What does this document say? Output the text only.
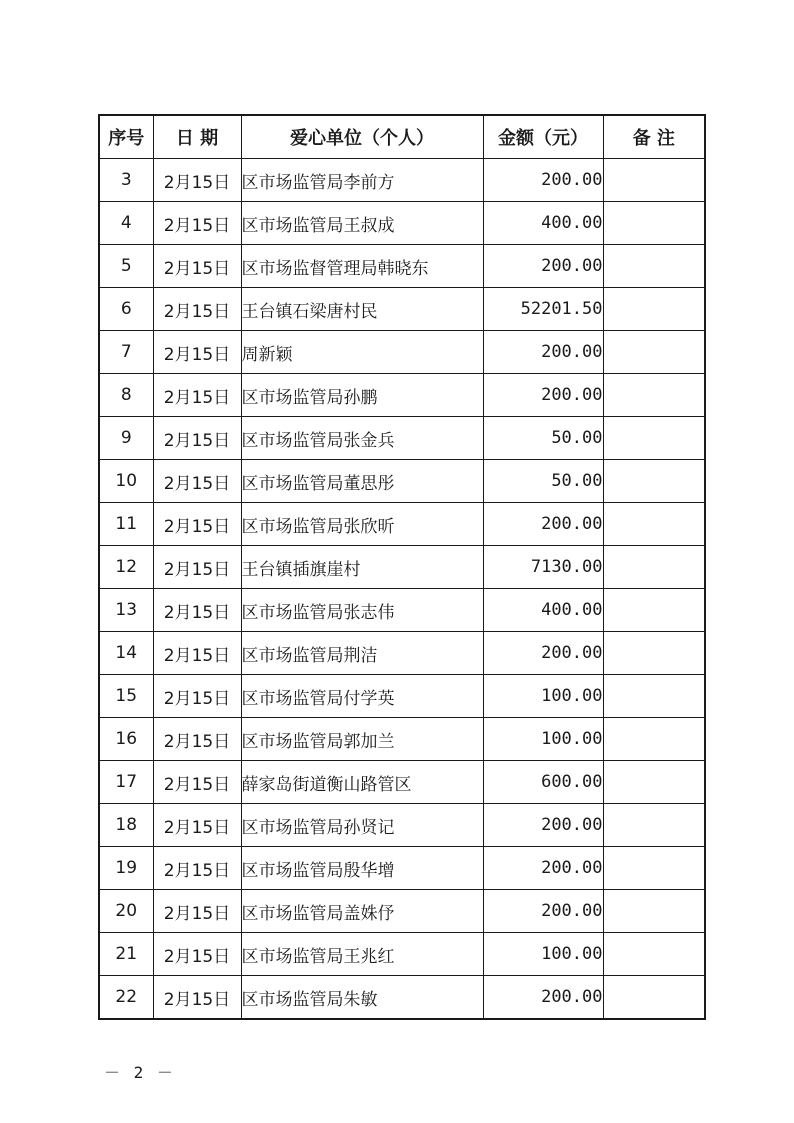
序号	日 期	爱心单位（个人）	金额（元）	备 注
3	2月15日	区市场监管局李前方	200.00	
4	2月15日	区市场监管局王叔成	400.00	
5	2月15日	区市场监督管理局韩晓东	200.00	
6	2月15日	王台镇石梁唐村民	52201.50	
7	2月15日	周新颖	200.00	
8	2月15日	区市场监管局孙鹏	200.00	
9	2月15日	区市场监管局张金兵	50.00	
10	2月15日	区市场监管局董思彤	50.00	
11	2月15日	区市场监管局张欣昕	200.00	
12	2月15日	王台镇插旗崖村	7130.00	
13	2月15日	区市场监管局张志伟	400.00	
14	2月15日	区市场监管局荆洁	200.00	
15	2月15日	区市场监管局付学英	100.00	
16	2月15日	区市场监管局郭加兰	100.00	
17	2月15日	薛家岛街道衡山路管区	600.00	
18	2月15日	区市场监管局孙贤记	200.00	
19	2月15日	区市场监管局殷华增	200.00	
20	2月15日	区市场监管局盖姝伃	200.00	
21	2月15日	区市场监管局王兆红	100.00	
22	2月15日	区市场监管局朱敏	200.00	
－ 2 －
